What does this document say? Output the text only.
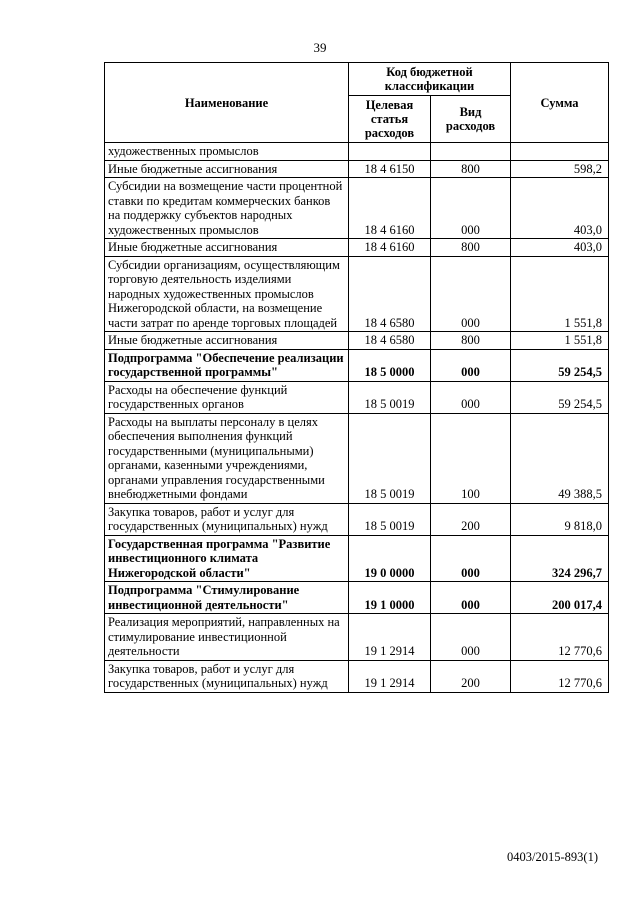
39
Наименование	Код бюджетной классификации		Сумма
	Целевая статья расходов	Вид расходов	
художественных промыслов			
Иные бюджетные ассигнования	18 4 6150	800	598,2
Субсидии на возмещение части процентной ставки по кредитам коммерческих банков на поддержку субъектов народных художественных промыслов	18 4 6160	000	403,0
Иные бюджетные ассигнования	18 4 6160	800	403,0
Субсидии организациям, осуществляющим торговую деятельность изделиями народных художественных промыслов Нижегородской области, на возмещение части затрат по аренде торговых площадей	18 4 6580	000	1 551,8
Иные бюджетные ассигнования	18 4 6580	800	1 551,8
Подпрограмма "Обеспечение реализации государственной программы"	18 5 0000	000	59 254,5
Расходы на обеспечение функций государственных органов	18 5 0019	000	59 254,5
Расходы на выплаты персоналу в целях обеспечения выполнения функций государственными (муниципальными) органами, казенными учреждениями, органами управления государственными внебюджетными фондами	18 5 0019	100	49 388,5
Закупка товаров, работ и услуг для государственных (муниципальных) нужд	18 5 0019	200	9 818,0
Государственная программа "Развитие инвестиционного климата Нижегородской области"	19 0 0000	000	324 296,7
Подпрограмма "Стимулирование инвестиционной деятельности"	19 1 0000	000	200 017,4
Реализация мероприятий, направленных на стимулирование инвестиционной деятельности	19 1 2914	000	12 770,6
Закупка товаров, работ и услуг для государственных (муниципальных) нужд	19 1 2914	200	12 770,6
0403/2015-893(1)
